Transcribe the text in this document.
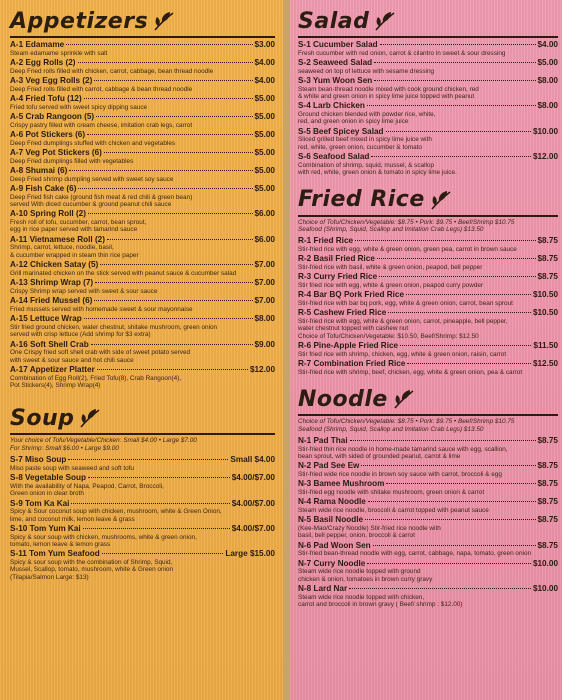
Appetizers
A-1 Edamame	$3.00
Steam edamame sprinkle with salt
A-2 Egg Rolls (2)	$4.00
Deep Fried rolls filled with chicken, carrot, cabbage, bean thread noodle
A-3 Veg Egg Rolls (2)	$4.00
Deep Fried rolls filled with carrot, cabbage & bean thread noodle
A-4 Fried Tofu (12)	$5.00
Fried tofu served with sweet spicy dipping sauce
A-5 Crab Rangoon (5)	$5.00
Crispy pastry filled with cream cheese, imitation crab legs, carrot
A-6 Pot Stickers (6)	$5.00
Deep Fried dumplings stuffed with chicken and vegetables
A-7 Veg Pot Stickers (6)	$5.00
Deep Fried dumplings filled with vegetables
A-8 Shumai (6)	$5.00
Deep Fried shrimp dumpling served with sweet soy sauce
A-9 Fish Cake (6)	$5.00
Deep Fried fish cake (ground fish meat & red chili & green bean)
served With diced cucumber & ground peanut chili sauce
A-10 Spring Roll (2)	$6.00
Fresh roll of tofu, cucumber, carrot, bean sprout,
egg in rice paper served with tamarind sauce
A-11 Vietnamese Roll (2)	$6.00
Shrimp, carrot, lettuce, noodle, basil,
& cucumber wrapped in steam thin rice paper
A-12 Chicken Satay (5)	$7.00
Grill marinated chicken on the stick served with peanut sauce & cucumber salad
A-13 Shrimp Wrap (7)	$7.00
Crispy Shrimp wrap served with sweet & sour sauce
A-14 Fried Mussel (6)	$7.00
Fried mussels served with homemade sweet & sour mayonnaise
A-15 Lettuce Wrap	$8.00
Stir fried ground chicken, water chestnut, shitake mushroom, green onion
served with crisp lettuce (Add shrimp for $3 extra)
A-16 Soft Shell Crab	$9.00
One Crispy fried soft shell crab with side of sweet potato served
with sweet & sour sauce and hot chili sauce
A-17 Appetizer Platter	$12.00
Combination of Egg Roll(2), Fried Tofu(8), Crab Rangoon(4),
Pot Stickers(4), Shrimp Wrap(4)
Soup
Your choice of Tofu/Vegetable/Chicken: Small $4.00 • Large $7.00
For Shrimp: Small $6.00 • Large $9.00
S-7 Miso Soup	Small $4.00
Miso paste soup with seaweed and soft tofu
S-8 Vegetable Soup	$4.00/$7.00
With the availability of Napa, Peapod, Carrot, Broccoli,
Green onion in clear broth
S-9 Tom Ka Kai	$4.00/$7.00
Spicy & Sour coconut soup with chicken, mushroom, white & Green Onion,
lime, and coconut milk, lemon leave & grass
S-10 Tom Yum Kai	$4.00/$7.00
Spicy & sour soup with chicken, mushrooms, white & green onion,
tomato, lemon leave & lemon grass
S-11 Tom Yum Seafood	Large $15.00
Spicy & sour soup with the combination of Shrimp, Squid,
Mussel, Scallop, tomato, mushroom, white & Green onion
(Tilapia/Salmon Large: $13)
Salad
S-1 Cucumber Salad	$4.00
Fresh cucumber with red onion, carrot & cilantro in sweet & sour dressing
S-2 Seaweed Salad	$5.00
seaweed on top of lettuce with sesame dressing
S-3 Yum Woon Sen	$8.00
Steam bean-thread noodle mixed with cook ground chicken, red
& white and green onion in spicy lime juice topped with peanut
S-4 Larb Chicken	$8.00
Ground chicken blended with powder rice, white,
red, and green onion in spicy lime juice
S-5 Beef Spicey Salad	$10.00
Sliced grilled beef mixed in spicy lime juice with
red, white, green onion, cucumber & tomato
S-6 Seafood Salad	$12.00
Combination of shrimp, squid, mussel, & scallop
with red, white, green onion & tomato in spicy lime juice.
Fried Rice
Choice of Tofu/Chicken/Vegetable: $8.75 • Pork: $9.75 • Beef/Shrimp $10.75
Seafood (Shrimp, Squid, Scallop and Imitation Crab Legs) $13.50
R-1 Fried Rice	$8.75
Stir-fried rice with egg, white & green onion, green pea, carrot in brown sauce
R-2 Basil Fried Rice	$8.75
Stir-fried rice with basil, white & green onion, peapod, bell pepper
R-3 Curry Fried Rice	$8.75
Stir fried rice with egg, white & green onion, peapod curry powder
R-4 Bar BQ Pork Fried Rice	$10.50
Stir-fried rice with bar bq pork, egg, white & green onion, carrot, bean sprout
R-5 Cashew Fried Rice	$10.50
Stir-fried rice with egg, white & green onion, carrot, pineapple, bell pepper,
water chestnut topped with cashew nut
Choice of Tofu/Chicken/Vegetable: $10.50, Beef/Shrimp: $12.50
R-6 Pine-Apple Fried Rice	$11.50
Stir fried rice with shrimp, chicken, egg, white & green onion, raisin, carrot
R-7 Combination Fried Rice	$12.50
Stir-fried rice with shrimp, beef, chicken, egg, white & green onion, pea & carrot
Noodle
Choice of Tofu/Chicken/Vegetable: $8.75 • Pork: $9.75 • Beef/Shrimp $10.75
Seafood (Shrimp, Squid, Scallop and Imitation Crab Legs) $13.50
N-1 Pad Thai	$8.75
Stir-fried thin rice noodle in home-made tamarind sauce with egg, scallion,
bean sprout, with sided of grounded peanut, carrot & lime
N-2 Pad See Ew	$8.75
Stir-fried wide rice noodle in brown soy sauce with carrot, broccoli & egg
N-3 Bamee Mushroom	$8.75
Stir-fried egg noodle with shitake mushroom, green onion & carrot
N-4 Rama Noodle	$8.75
Steam wide rice noodle, broccoli & carrot topped with peanut sauce
N-5 Basil Noodle	$8.75
(Kee-Mao/Crazy Noodle) Stir-fried rice noodle with
basil, bell pepper, onion, broccoli & carrot
N-6 Pad Woon Sen	$8.75
Stir-fried bean-thread noodle with egg, carrot, cabbage, napa, tomato, green onion
N-7 Curry Noodle	$10.00
Steam wide rice noodle topped with ground
chicken & onion, tomatoes in brown curry gravy
N-8 Lard Nar	$10.00
Steam wide rice noodle topped with chicken,
carrot and broccoli in brown gravy ( Beef/ shrimp : $12.00)
